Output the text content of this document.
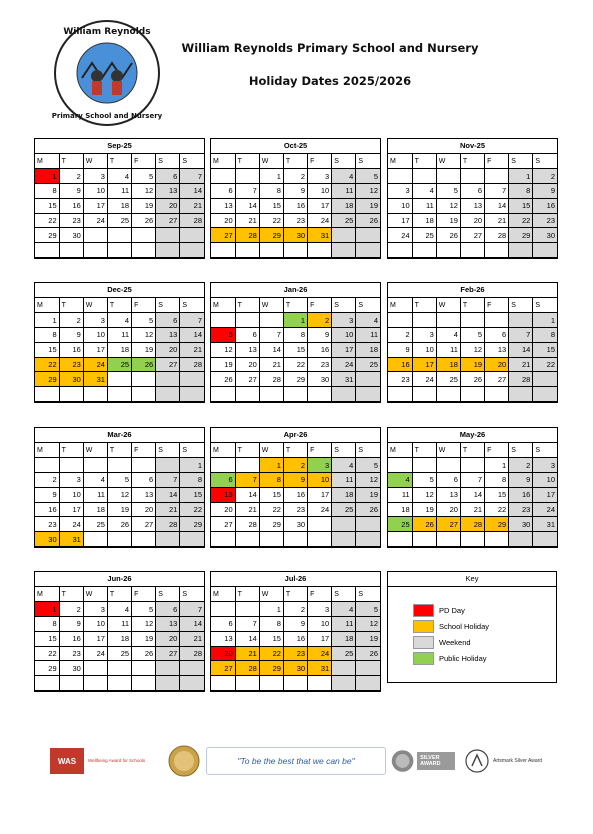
William Reynolds
Primary School and Nursery
William Reynolds Primary School and Nursery
Holiday Dates 2025/2026
Sep-25
M	T	W	T	F	S	S
1	2	3	4	5	6	7
8	9	10	11	12	13	14
15	16	17	18	19	20	21
22	23	24	25	26	27	28
29	30					

Oct-25
M	T	W	T	F	S	S
		1	2	3	4	5
6	7	8	9	10	11	12
13	14	15	16	17	18	19
20	21	22	23	24	25	26
27	28	29	30	31		

Nov-25
M	T	W	T	F	S	S
					1	2
3	4	5	6	7	8	9
10	11	12	13	14	15	16
17	18	19	20	21	22	23
24	25	26	27	28	29	30

Dec-25
M	T	W	T	F	S	S
1	2	3	4	5	6	7
8	9	10	11	12	13	14
15	16	17	18	19	20	21
22	23	24	25	26	27	28
29	30	31				

Jan-26
M	T	W	T	F	S	S
			1	2	3	4
5	6	7	8	9	10	11
12	13	14	15	16	17	18
19	20	21	22	23	24	25
26	27	28	29	30	31	

Feb-26
M	T	W	T	F	S	S
						1
2	3	4	5	6	7	8
9	10	11	12	13	14	15
16	17	18	19	20	21	22
23	24	25	26	27	28	

Mar-26
M	T	W	T	F	S	S
						1
2	3	4	5	6	7	8
9	10	11	12	13	14	15
16	17	18	19	20	21	22
23	24	25	26	27	28	29
30	31					
Apr-26
M	T	W	T	F	S	S
		1	2	3	4	5
6	7	8	9	10	11	12
13	14	15	16	17	18	19
20	21	22	23	24	25	26
27	28	29	30			

May-26
M	T	W	T	F	S	S
				1	2	3
4	5	6	7	8	9	10
11	12	13	14	15	16	17
18	19	20	21	22	23	24
25	26	27	28	29	30	31

Jun-26
M	T	W	T	F	S	S
1	2	3	4	5	6	7
8	9	10	11	12	13	14
15	16	17	18	19	20	21
22	23	24	25	26	27	28
29	30					

Jul-26
M	T	W	T	F	S	S
		1	2	3	4	5
6	7	8	9	10	11	12
13	14	15	16	17	18	19
20	21	22	23	24	25	26
27	28	29	30	31		

Key
PD Day
School Holiday
Weekend
Public Holiday
WAS	Wellbeing Award for Schools	"To be the best that we can be"	SILVER AWARD
Artsmark Silver Award
